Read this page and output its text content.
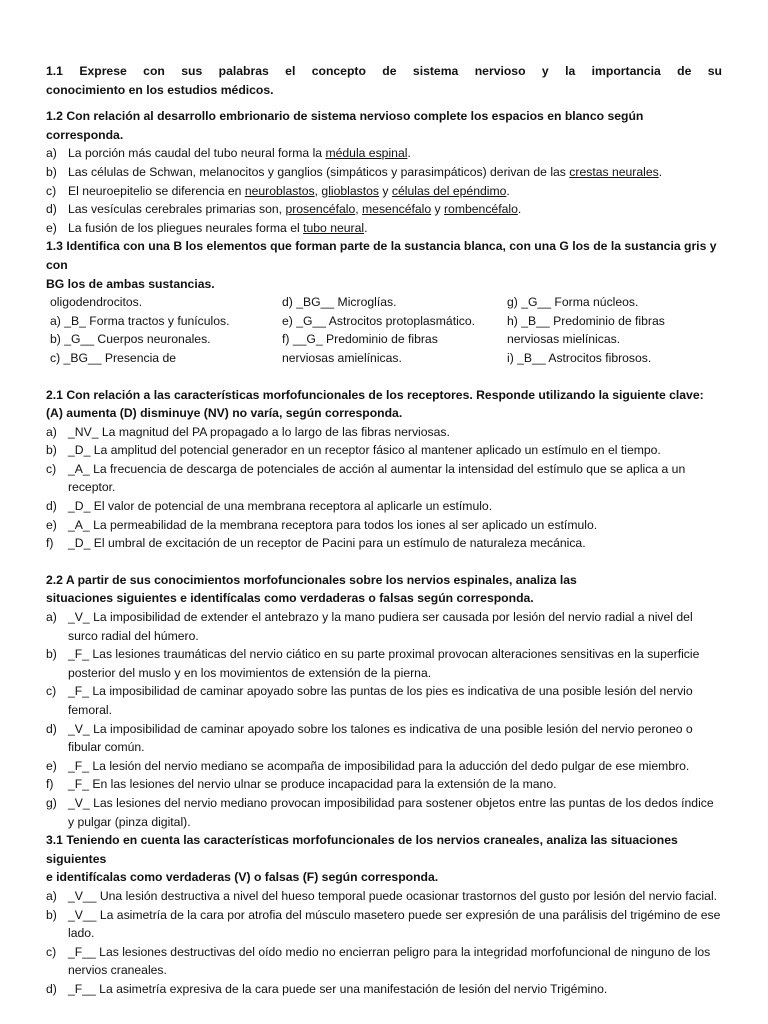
1.1 Exprese con sus palabras el concepto de sistema nervioso y la importancia de su

conocimiento en los estudios médicos.

1.2 Con relación al desarrollo embrionario de sistema nervioso complete los espacios en blanco según corresponda.

a) La porción más caudal del tubo neural forma la médula espinal.
b) Las células de Schwan, melanocitos y ganglios (simpáticos y parasimpáticos) derivan de las crestas neurales.
c) El neuroepitelio se diferencia en neuroblastos, glioblastos y células del epéndimo.
d) Las vesículas cerebrales primarias son, prosencéfalo, mesencéfalo y rombencéfalo.
e) La fusión de los pliegues neurales forma el tubo neural.

1.3 Identifica con una B los elementos que forman parte de la sustancia blanca, con una G los de la sustancia gris y con

BG los de ambas sustancias.

oligodendrocitos.
a) _B_ Forma tractos y funículos.
b) _G__ Cuerpos neuronales.
c) _BG__ Presencia de
d) _BG__ Microglías.
e) _G__ Astrocitos protoplasmático.
f) __G_ Predominio de fibras
nerviosas amielínicas.
g) _G__ Forma núcleos.
h) _B__ Predominio de fibras
nerviosas mielínicas.
i) _B__ Astrocitos fibrosos.

2.1 Con relación a las características morfofuncionales de los receptores. Responde utilizando la siguiente clave:

(A) aumenta (D) disminuye (NV) no varía, según corresponda.

a) _NV_ La magnitud del PA propagado a lo largo de las fibras nerviosas.
b) _D_ La amplitud del potencial generador en un receptor fásico al mantener aplicado un estímulo en el tiempo.
c) _A_ La frecuencia de descarga de potenciales de acción al aumentar la intensidad del estímulo que se aplica a un receptor.
d) _D_ El valor de potencial de una membrana receptora al aplicarle un estímulo.
e) _A_ La permeabilidad de la membrana receptora para todos los iones al ser aplicado un estímulo.
f) _D_ El umbral de excitación de un receptor de Pacini para un estímulo de naturaleza mecánica.

2.2 A partir de sus conocimientos morfofuncionales sobre los nervios espinales, analiza las

situaciones siguientes e identifícalas como verdaderas o falsas según corresponda.

a) _V_ La imposibilidad de extender el antebrazo y la mano pudiera ser causada por lesión del nervio radial a nivel del surco radial del húmero.
b) _F_ Las lesiones traumáticas del nervio ciático en su parte proximal provocan alteraciones sensitivas en la superficie posterior del muslo y en los movimientos de extensión de la pierna.
c) _F_ La imposibilidad de caminar apoyado sobre las puntas de los pies es indicativa de una posible lesión del nervio femoral.
d) _V_ La imposibilidad de caminar apoyado sobre los talones es indicativa de una posible lesión del nervio peroneo o fibular común.
e) _F_ La lesión del nervio mediano se acompaña de imposibilidad para la aducción del dedo pulgar de ese miembro.
f) _F_ En las lesiones del nervio ulnar se produce incapacidad para la extensión de la mano.
g) _V_ Las lesiones del nervio mediano provocan imposibilidad para sostener objetos entre las puntas de los dedos índice y pulgar (pinza digital).

3.1 Teniendo en cuenta las características morfofuncionales de los nervios craneales, analiza las situaciones siguientes

e identifícalas como verdaderas (V) o falsas (F) según corresponda.

a) _V__ Una lesión destructiva a nivel del hueso temporal puede ocasionar trastornos del gusto por lesión del nervio facial.
b) _V__ La asimetría de la cara por atrofia del músculo masetero puede ser expresión de una parálisis del trigémino de ese lado.
c) _F__ Las lesiones destructivas del oído medio no encierran peligro para la integridad morfofuncional de ninguno de los nervios craneales.
d) _F__ La asimetría expresiva de la cara puede ser una manifestación de lesión del nervio Trigémino.
